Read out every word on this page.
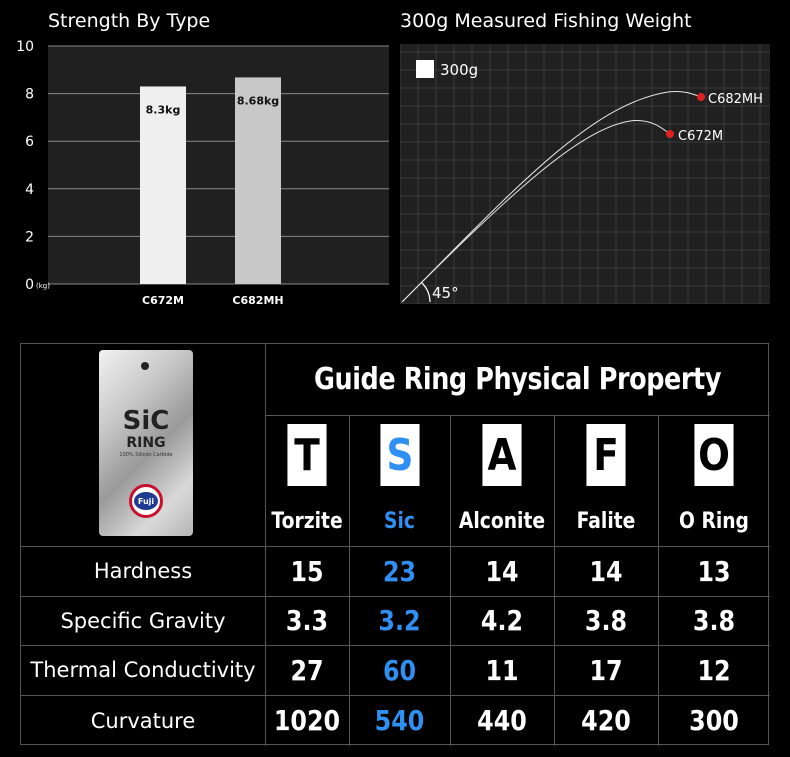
Strength By Type
0
2
4
6
8
10
(kg)
8.3kg
C672M
8.68kg
C682MH
300g Measured Fishing Weight
300g
45°
C682MH
C672M
SiC
RING
100% Silicon Carbide
Fuji
Guide Ring Physical Property
T
Torzite
S
Sic
A
Alconite
F
Falite
O
O Ring
Hardness	15	23	14	14	13
Specific Gravity	3.3	3.2	4.2	3.8	3.8
Thermal Conductivity	27	60	11	17	12
Curvature	1020	540	440	420	300
